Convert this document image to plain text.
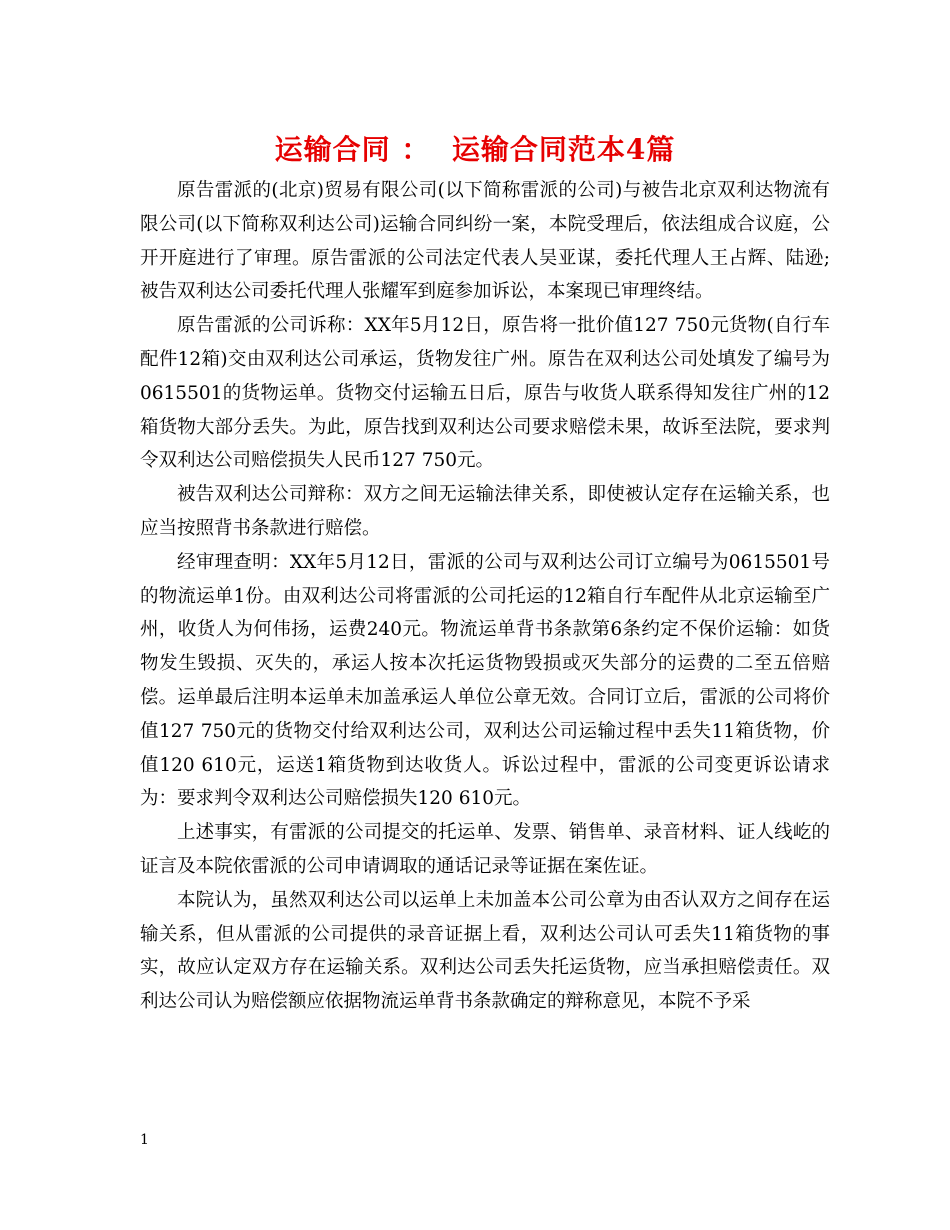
运输合同 ：  运输合同范本4篇

原告雷派的(北京)贸易有限公司(以下简称雷派的公司)与被告北京双利达物流有限公司(以下简称双利达公司)运输合同纠纷一案，本院受理后，依法组成合议庭，公开开庭进行了审理。原告雷派的公司法定代表人吴亚谋，委托代理人王占辉、陆逊;被告双利达公司委托代理人张耀军到庭参加诉讼，本案现已审理终结。

原告雷派的公司诉称：XX年5月12日，原告将一批价值127 750元货物(自行车配件12箱)交由双利达公司承运，货物发往广州。原告在双利达公司处填发了编号为0615501的货物运单。货物交付运输五日后，原告与收货人联系得知发往广州的12箱货物大部分丢失。为此，原告找到双利达公司要求赔偿未果，故诉至法院，要求判令双利达公司赔偿损失人民币127 750元。

被告双利达公司辩称：双方之间无运输法律关系，即使被认定存在运输关系，也应当按照背书条款进行赔偿。

经审理查明：XX年5月12日，雷派的公司与双利达公司订立编号为0615501号的物流运单1份。由双利达公司将雷派的公司托运的12箱自行车配件从北京运输至广州，收货人为何伟扬，运费240元。物流运单背书条款第6条约定不保价运输：如货物发生毁损、灭失的，承运人按本次托运货物毁损或灭失部分的运费的二至五倍赔偿。运单最后注明本运单未加盖承运人单位公章无效。合同订立后，雷派的公司将价值127 750元的货物交付给双利达公司，双利达公司运输过程中丢失11箱货物，价值120 610元，运送1箱货物到达收货人。诉讼过程中，雷派的公司变更诉讼请求为：要求判令双利达公司赔偿损失120 610元。

上述事实，有雷派的公司提交的托运单、发票、销售单、录音材料、证人线屹的证言及本院依雷派的公司申请调取的通话记录等证据在案佐证。

本院认为，虽然双利达公司以运单上未加盖本公司公章为由否认双方之间存在运输关系，但从雷派的公司提供的录音证据上看，双利达公司认可丢失11箱货物的事实，故应认定双方存在运输关系。双利达公司丢失托运货物，应当承担赔偿责任。双利达公司认为赔偿额应依据物流运单背书条款确定的辩称意见，本院不予采

1
